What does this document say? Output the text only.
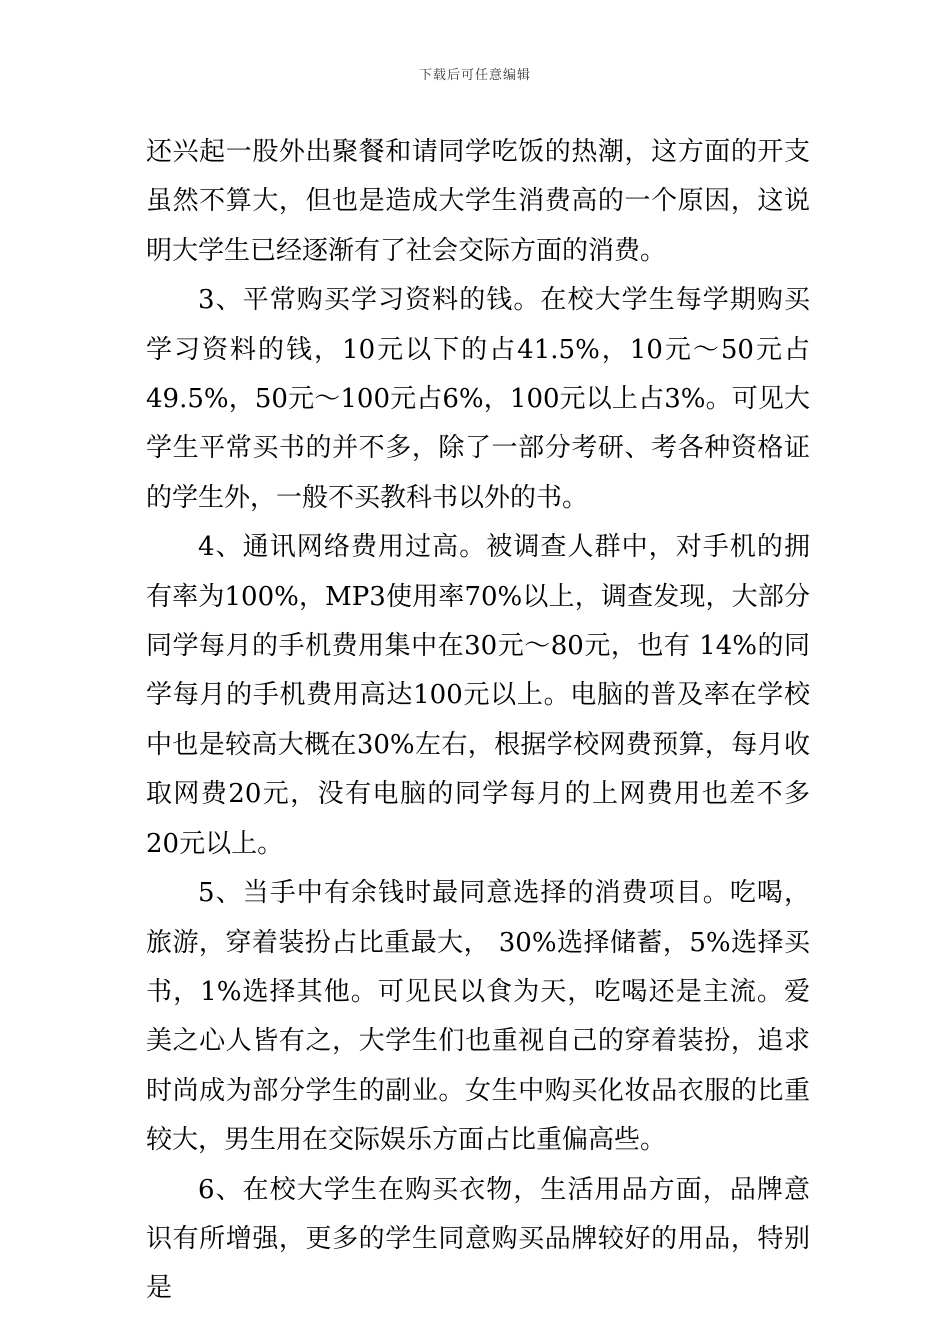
下载后可任意编辑

还兴起一股外出聚餐和请同学吃饭的热潮，这方面的开支虽然不算大，但也是造成大学生消费高的一个原因，这说明大学生已经逐渐有了社会交际方面的消费。

3、平常购买学习资料的钱。在校大学生每学期购买学习资料的钱，10元以下的占41.5%，10元～50元占49.5%，50元～100元占6%，100元以上占3%。可见大学生平常买书的并不多，除了一部分考研、考各种资格证的学生外，一般不买教科书以外的书。

4、通讯网络费用过高。被调查人群中，对手机的拥有率为100%，MP3使用率70%以上，调查发现，大部分同学每月的手机费用集中在30元～80元，也有 14%的同学每月的手机费用高达100元以上。电脑的普及率在学校中也是较高大概在30%左右，根据学校网费预算，每月收取网费20元，没有电脑的同学每月的上网费用也差不多20元以上。

5、当手中有余钱时最同意选择的消费项目。吃喝，旅游，穿着装扮占比重最大， 30%选择储蓄，5%选择买书，1%选择其他。可见民以食为天，吃喝还是主流。爱美之心人皆有之，大学生们也重视自己的穿着装扮，追求时尚成为部分学生的副业。女生中购买化妆品衣服的比重较大，男生用在交际娱乐方面占比重偏高些。

6、在校大学生在购买衣物，生活用品方面，品牌意识有所增强，更多的学生同意购买品牌较好的用品，特别是
